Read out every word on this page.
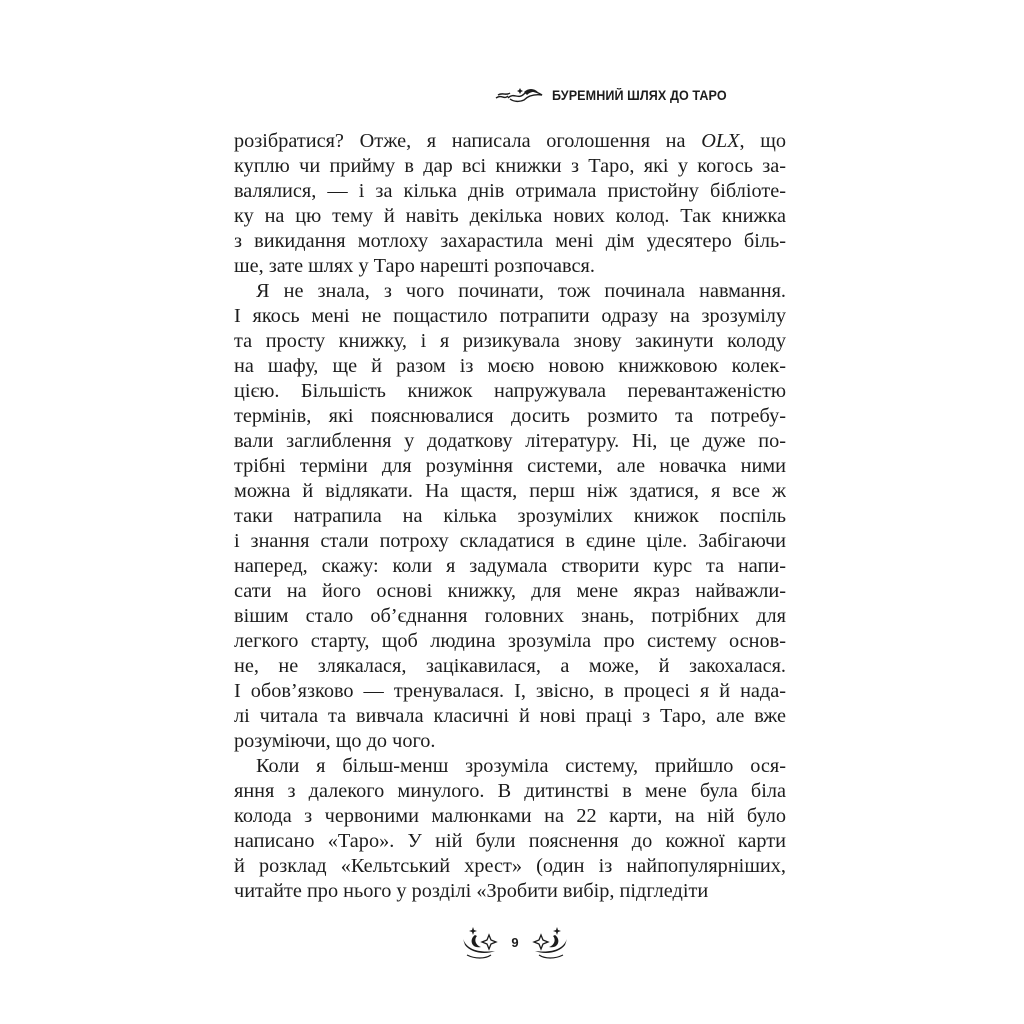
БУРЕМНИЙ ШЛЯХ ДО ТАРО
розібратися? Отже, я написала оголошення на OLX, що
куплю чи прийму в дар всі книжки з Таро, які у когось за-
валялися, — і за кілька днів отримала пристойну бібліоте-
ку на цю тему й навіть декілька нових колод. Так книжка
з викидання мотлоху захарастила мені дім удесятеро біль-
ше, зате шлях у Таро нарешті розпочався.
Я не знала, з чого починати, тож починала навмання.
І якось мені не пощастило потрапити одразу на зрозумілу
та просту книжку, і я ризикувала знову закинути колоду
на шафу, ще й разом із моєю новою книжковою колек-
цією. Більшість книжок напружувала перевантаженістю
термінів, які пояснювалися досить розмито та потребу-
вали заглиблення у додаткову літературу. Ні, це дуже по-
трібні терміни для розуміння системи, але новачка ними
можна й відлякати. На щастя, перш ніж здатися, я все ж
таки натрапила на кілька зрозумілих книжок поспіль
і знання стали потроху складатися в єдине ціле. Забігаючи
наперед, скажу: коли я задумала створити курс та напи-
сати на його основі книжку, для мене якраз найважли-
вішим стало об’єднання головних знань, потрібних для
легкого старту, щоб людина зрозуміла про систему основ-
не, не злякалася, зацікавилася, а може, й закохалася.
І обов’язково — тренувалася. І, звісно, в процесі я й нада-
лі читала та вивчала класичні й нові праці з Таро, але вже
розуміючи, що до чого.
Коли я більш-менш зрозуміла систему, прийшло ося-
яння з далекого минулого. В дитинстві в мене була біла
колода з червоними малюнками на 22 карти, на ній було
написано «Таро». У ній були пояснення до кожної карти
й розклад «Кельтський хрест» (один із найпопулярніших,
читайте про нього у розділі «Зробити вибір, підгледіти
9
